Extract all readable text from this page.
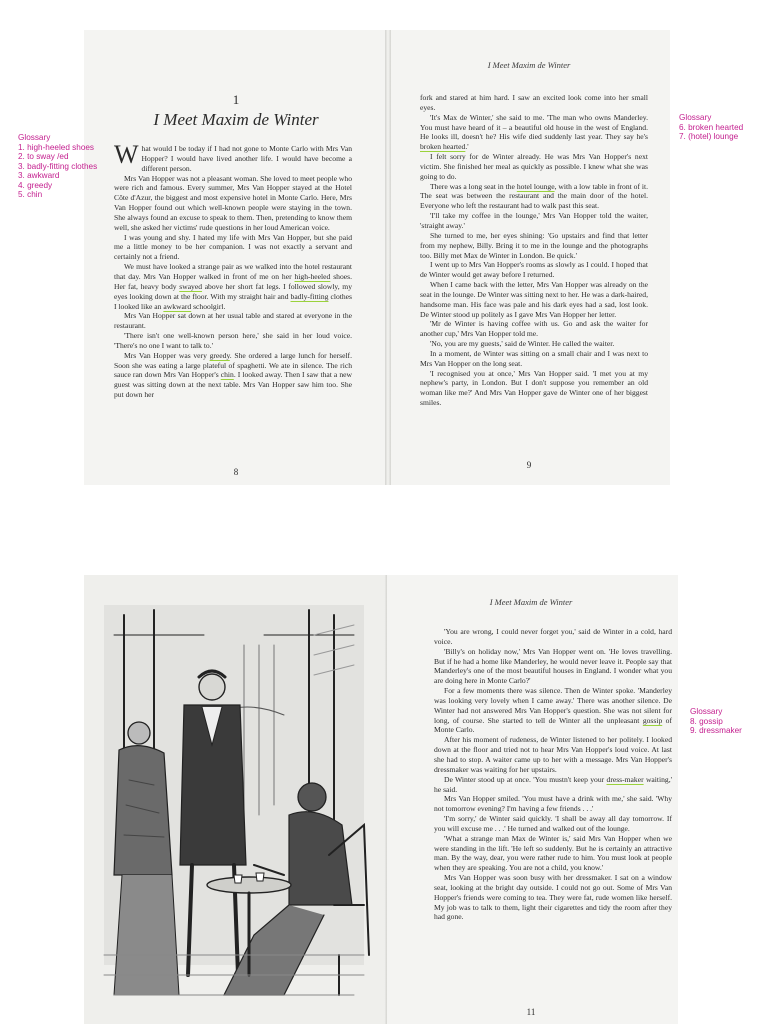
1
I Meet Maxim de Winter

What would I be today if I had not gone to Monte Carlo with Mrs Van Hopper? I would have lived another life. I would have become a different person.

Mrs Van Hopper was not a pleasant woman. She loved to meet people who were rich and famous. Every summer, Mrs Van Hopper stayed at the Hotel Côte d'Azur, the biggest and most expensive hotel in Monte Carlo. Here, Mrs Van Hopper found out which well-known people were staying in the town. She always found an excuse to speak to them. Then, pretending to know them well, she asked her victims' rude questions in her loud American voice.

I was young and shy. I hated my life with Mrs Van Hopper, but she paid me a little money to be her companion. I was not exactly a servant and certainly not a friend.

We must have looked a strange pair as we walked into the hotel restaurant that day. Mrs Van Hopper walked in front of me on her high-heeled shoes. Her fat, heavy body swayed above her short fat legs. I followed slowly, my eyes looking down at the floor. With my straight hair and badly-fitting clothes I looked like an awkward schoolgirl.

Mrs Van Hopper sat down at her usual table and stared at everyone in the restaurant.

'There isn't one well-known person here,' she said in her loud voice. 'There's no one I want to talk to.'

Mrs Van Hopper was very greedy. She ordered a large lunch for herself. Soon she was eating a large plateful of spaghetti. We ate in silence. The rich sauce ran down Mrs Van Hopper's chin. I looked away. Then I saw that a new guest was sitting down at the next table. Mrs Van Hopper saw him too. She put down her

8
I Meet Maxim de Winter

fork and stared at him hard. I saw an excited look come into her small eyes.

'It's Max de Winter,' she said to me. 'The man who owns Manderley. You must have heard of it – a beautiful old house in the west of England. He looks ill, doesn't he? His wife died suddenly last year. They say he's broken hearted.'

I felt sorry for de Winter already. He was Mrs Van Hopper's next victim. She finished her meal as quickly as possible. I knew what she was going to do.

There was a long seat in the hotel lounge, with a low table in front of it. The seat was between the restaurant and the main door of the hotel. Everyone who left the restaurant had to walk past this seat.

'I'll take my coffee in the lounge,' Mrs Van Hopper told the waiter, 'straight away.'

She turned to me, her eyes shining: 'Go upstairs and find that letter from my nephew, Billy. Bring it to me in the lounge and the photographs too. Billy met Max de Winter in London. Be quick.'

I went up to Mrs Van Hopper's rooms as slowly as I could. I hoped that de Winter would get away before I returned.

When I came back with the letter, Mrs Van Hopper was already on the seat in the lounge. De Winter was sitting next to her. He was a dark-haired, handsome man. His face was pale and his dark eyes had a sad, lost look. De Winter stood up politely as I gave Mrs Van Hopper her letter.

'Mr de Winter is having coffee with us. Go and ask the waiter for another cup,' Mrs Van Hopper told me.

'No, you are my guests,' said de Winter. He called the waiter.

In a moment, de Winter was sitting on a small chair and I was next to Mrs Van Hopper on the long seat.

'I recognised you at once,' Mrs Van Hopper said. 'I met you at my nephew's party, in London. But I don't suppose you remember an old woman like me?' And Mrs Van Hopper gave de Winter one of her biggest smiles.

9
I Meet Maxim de Winter

'You are wrong, I could never forget you,' said de Winter in a cold, hard voice.

'Billy's on holiday now,' Mrs Van Hopper went on. 'He loves travelling. But if he had a home like Manderley, he would never leave it. People say that Manderley's one of the most beautiful houses in England. I wonder what you are doing here in Monte Carlo?'

For a few moments there was silence. Then de Winter spoke. 'Manderley was looking very lovely when I came away.' There was another silence. De Winter had not answered Mrs Van Hopper's question. She was not silent for long, of course. She started to tell de Winter all the unpleasant gossip of Monte Carlo.

After his moment of rudeness, de Winter listened to her politely. I looked down at the floor and tried not to hear Mrs Van Hopper's loud voice. At last she had to stop. A waiter came up to her with a message. Mrs Van Hopper's dressmaker was waiting for her upstairs.

De Winter stood up at once. 'You mustn't keep your dress-maker waiting,' he said.

Mrs Van Hopper smiled. 'You must have a drink with me,' she said. 'Why not tomorrow evening? I'm having a few friends . . .'

'I'm sorry,' de Winter said quickly. 'I shall be away all day tomorrow. If you will excuse me . . .' He turned and walked out of the lounge.

'What a strange man Max de Winter is,' said Mrs Van Hopper when we were standing in the lift. 'He left so suddenly. But he is certainly an attractive man. By the way, dear, you were rather rude to him. You must look at people when they are speaking. You are not a child, you know.'

Mrs Van Hopper was soon busy with her dressmaker. I sat on a window seat, looking at the bright day outside. I could not go out. Some of Mrs Van Hopper's friends were coming to tea. They were fat, rude women like herself. My job was to talk to them, light their cigarettes and tidy the room after they had gone.

11
Glossary
1. high-heeled shoes
2. to sway /ed
3. badly-fitting clothes
3. awkward
4. greedy
5. chin
Glossary
6. broken hearted
7. (hotel) lounge
Glossary
8. gossip
9. dressmaker
